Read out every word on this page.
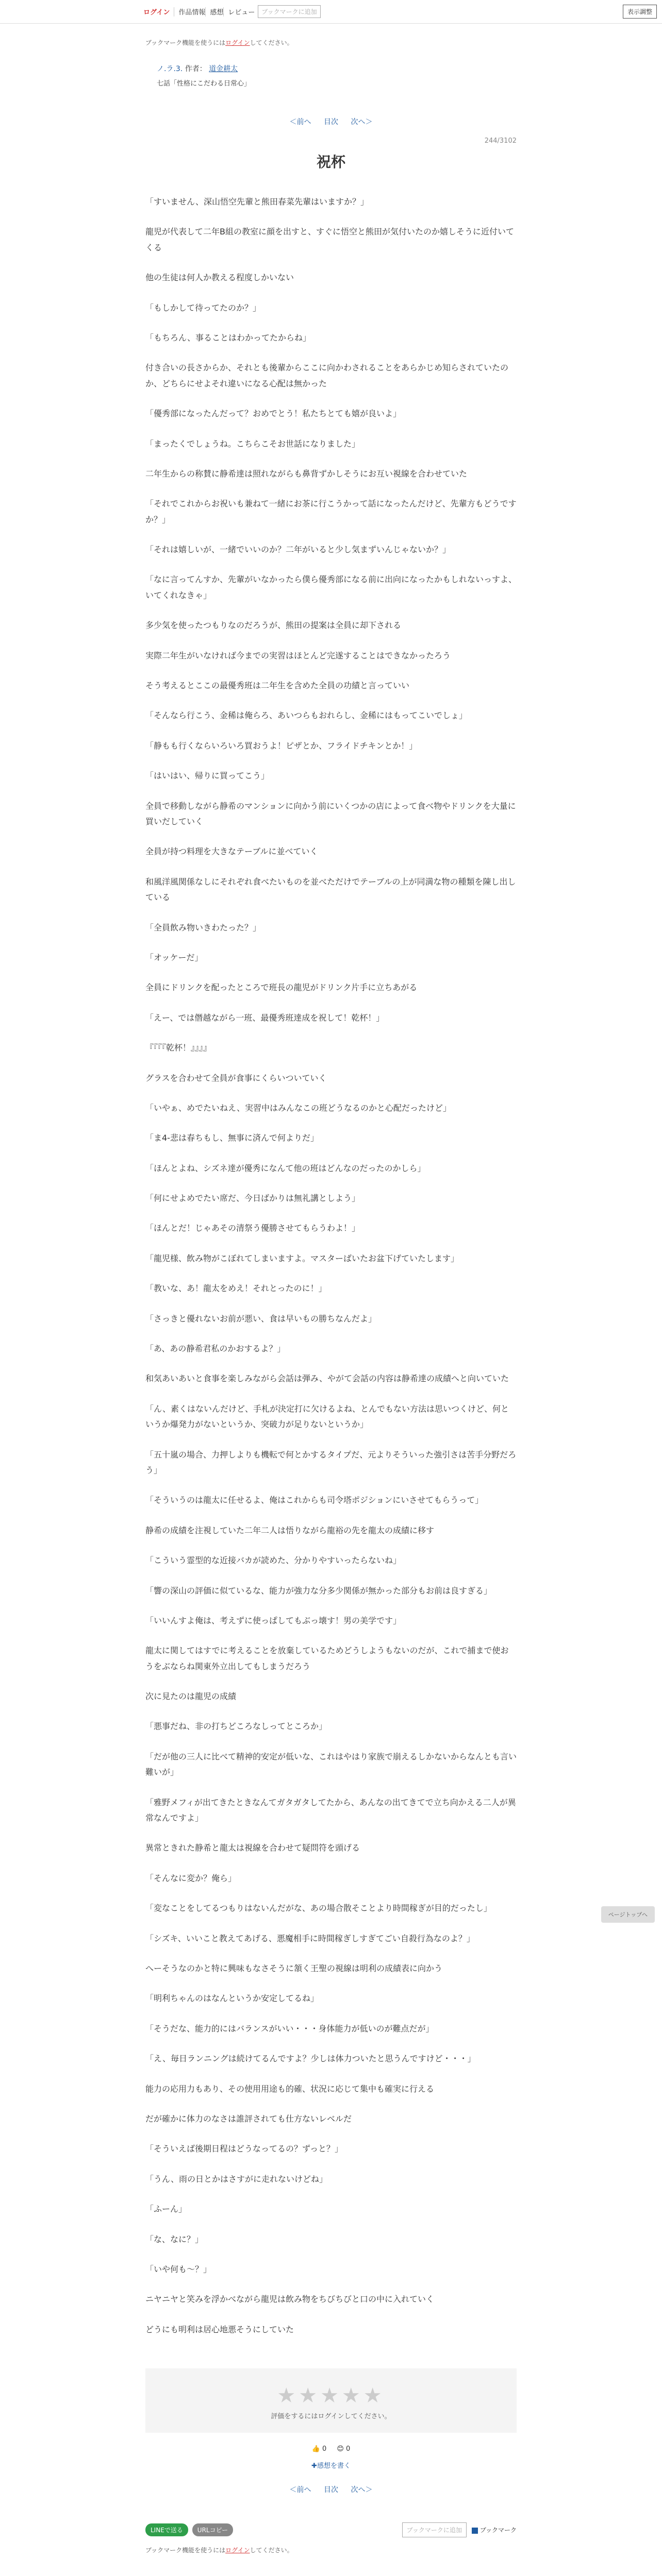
ログイン	作品情報 感想 レビュー	ブックマークに追加	表示調整
ブックマーク機能を使うにはログインしてください。
ノ.ラ.3. 作者： 道金耕太
七話「性格にこだわる日常心」
＜前へ 目次 次へ＞
244/3102
祝杯

「すいません、深山悟空先輩と熊田春菜先輩はいますか？」

龍児が代表して二年B組の教室に顔を出すと、すぐに悟空と熊田が気付いたのか嬉しそうに近付いてくる

他の生徒は何人か教える程度しかいない

「もしかして待ってたのか？」

「もちろん、事ることはわかってたからね」

付き合いの長さからか、それとも後輩からここに向かわされることをあらかじめ知らされていたのか、どちらにせよそれ違いになる心配は無かった

「優秀部になったんだって？おめでとう！私たちとても嬉が良いよ」

「まったくでしょうね。こちらこそお世話になりました」

二年生からの称賛に静希達は照れながらも鼻背ずかしそうにお互い視線を合わせていた

「それでこれからお祝いも兼ねて一緒にお茶に行こうかって話になったんだけど、先輩方もどうですか？」

「それは嬉しいが、一緒でいいのか？二年がいると少し気まずいんじゃないか？」

「なに言ってんすか、先輩がいなかったら僕ら優秀部になる前に出向になったかもしれないっすよ、いてくれなきゃ」

多少気を使ったつもりなのだろうが、熊田の提案は全員に却下される

実際二年生がいなければ今までの実習はほとんど完遂することはできなかったろう

そう考えるとここの最優秀班は二年生を含めた全員の功績と言っていい

「そんなら行こう、金稀は俺らろ、あいつらもおれらし、金稀にはもってこいでしょ」

「静もも行くならいろいろ買おうよ！ピザとか、フライドチキンとか！」

「はいはい、帰りに買ってこう」

全員で移動しながら静希のマンションに向かう前にいくつかの店によって食べ物やドリンクを大量に買いだしていく

全員が持つ料理を大きなテーブルに並べていく

和風洋風関係なしにそれぞれ食べたいものを並べただけでテーブルの上が同満な物の種類を陳し出している

「全員飲み物いきわたった？」

「オッケーだ」

全員にドリンクを配ったところで班長の龍児がドリンク片手に立ちあがる

「えー、では僭越ながら一班、最優秀班達成を祝して！乾杯！」

『『『『乾杯！』』』』

グラスを合わせて全員が食事にくらいついていく

「いやぁ、めでたいねえ、実習中はみんなこの班どうなるのかと心配だったけど」

「ま4-悲は春ちもし、無事に済んで何よりだ」

「ほんとよね、シズネ達が優秀になんて他の班はどんなのだったのかしら」

「何にせよめでたい席だ、今日ばかりは無礼講としよう」

「ほんとだ！じゃあその清祭う優勝させてもらうわよ！」

「龍児様、飲み物がこぼれてしまいますよ。マスターばいたお盆下げていたします」

「教いな、あ！龍太をめえ！それとったのに！」

「さっきと優れないお前が悪い、食は早いもの勝ちなんだよ」

「あ、あの静希君私のかおするよ？」

和気あいあいと食事を楽しみながら会話は弾み、やがて会話の内容は静希達の成績へと向いていた

「ん、素くはないんだけど、手札が決定打に欠けるよね、とんでもない方法は思いつくけど、何というか爆発力がないというか、突破力が足りないというか」

「五十嵐の場合、力押しよりも機転で何とかするタイプだ、元よりそういった強引さは苦手分野だろう」

「そういうのは龍太に任せるよ、俺はこれからも司令塔ポジションにいさせてもらうって」

静希の成績を注視していた二年二人は悟りながら龍裕の先を龍太の成績に移す

「こういう霊型的な近接バカが読めた、分かりやすいったらないね」

「響の深山の評価に似ているな、能力が強力な分多少関係が無かった部分もお前は良すぎる」

「いいんすよ俺は、考えずに使っぱしてもぶっ壊す！男の美学です」

龍太に関してはすでに考えることを放棄しているためどうしようもないのだが、これで捕まで使おうをぶならね関東外立出してもしまうだろう

次に見たのは龍児の成績

「悪事だね、非の打ちどころなしってところか」

「だが他の三人に比べて精神的安定が低いな、これはやはり家族で崩えるしかないからなんとも言い難いが」

「雅野メフィが出てきたときなんてガタガタしてたから、あんなの出てきてで立ち向かえる二人が異常なんですよ」

異常ときれた静希と龍太は視線を合わせて疑問符を頭げる

「そんなに変か？俺ら」

「変なことをしてるつもりはないんだがな、あの場合散そことより時間稼ぎが目的だったし」

「シズキ、いいこと教えてあげる、悪魔相手に時間稼ぎしすぎてごい自殺行為なのよ？」

へーそうなのかと特に興味もなさそうに頷く王聖の視線は明利の成績表に向かう

「明利ちゃんのはなんというか安定してるね」

「そうだな、能力的にはバランスがいい・・・身体能力が低いのが難点だが」

「え、毎日ランニングは続けてるんですよ？少しは体力ついたと思うんですけど・・・」

能力の応用力もあり、その使用用途も的確、状況に応じて集中も確実に行える

だが確かに体力のなさは誰評されても仕方ないレベルだ

「そういえば後期日程はどうなってるの？ずっと？」

「うん、雨の日とかはさすがに走れないけどね」

「ふーん」

「な、なに？」

「いや何も～？」

ニヤニヤと笑みを浮かべながら龍児は飲み物をちびちびと口の中に入れていく

どうにも明利は居心地悪そうにしていた

★★★★★
評価をするにはログインしてください。
👍 0 😊 0
✚感想を書く
＜前へ 目次 次へ＞
LINEで送る	URLコピー	ブックマークに追加	ブックマーク
ブックマーク機能を使うにはログインしてください。
ページトップへ
